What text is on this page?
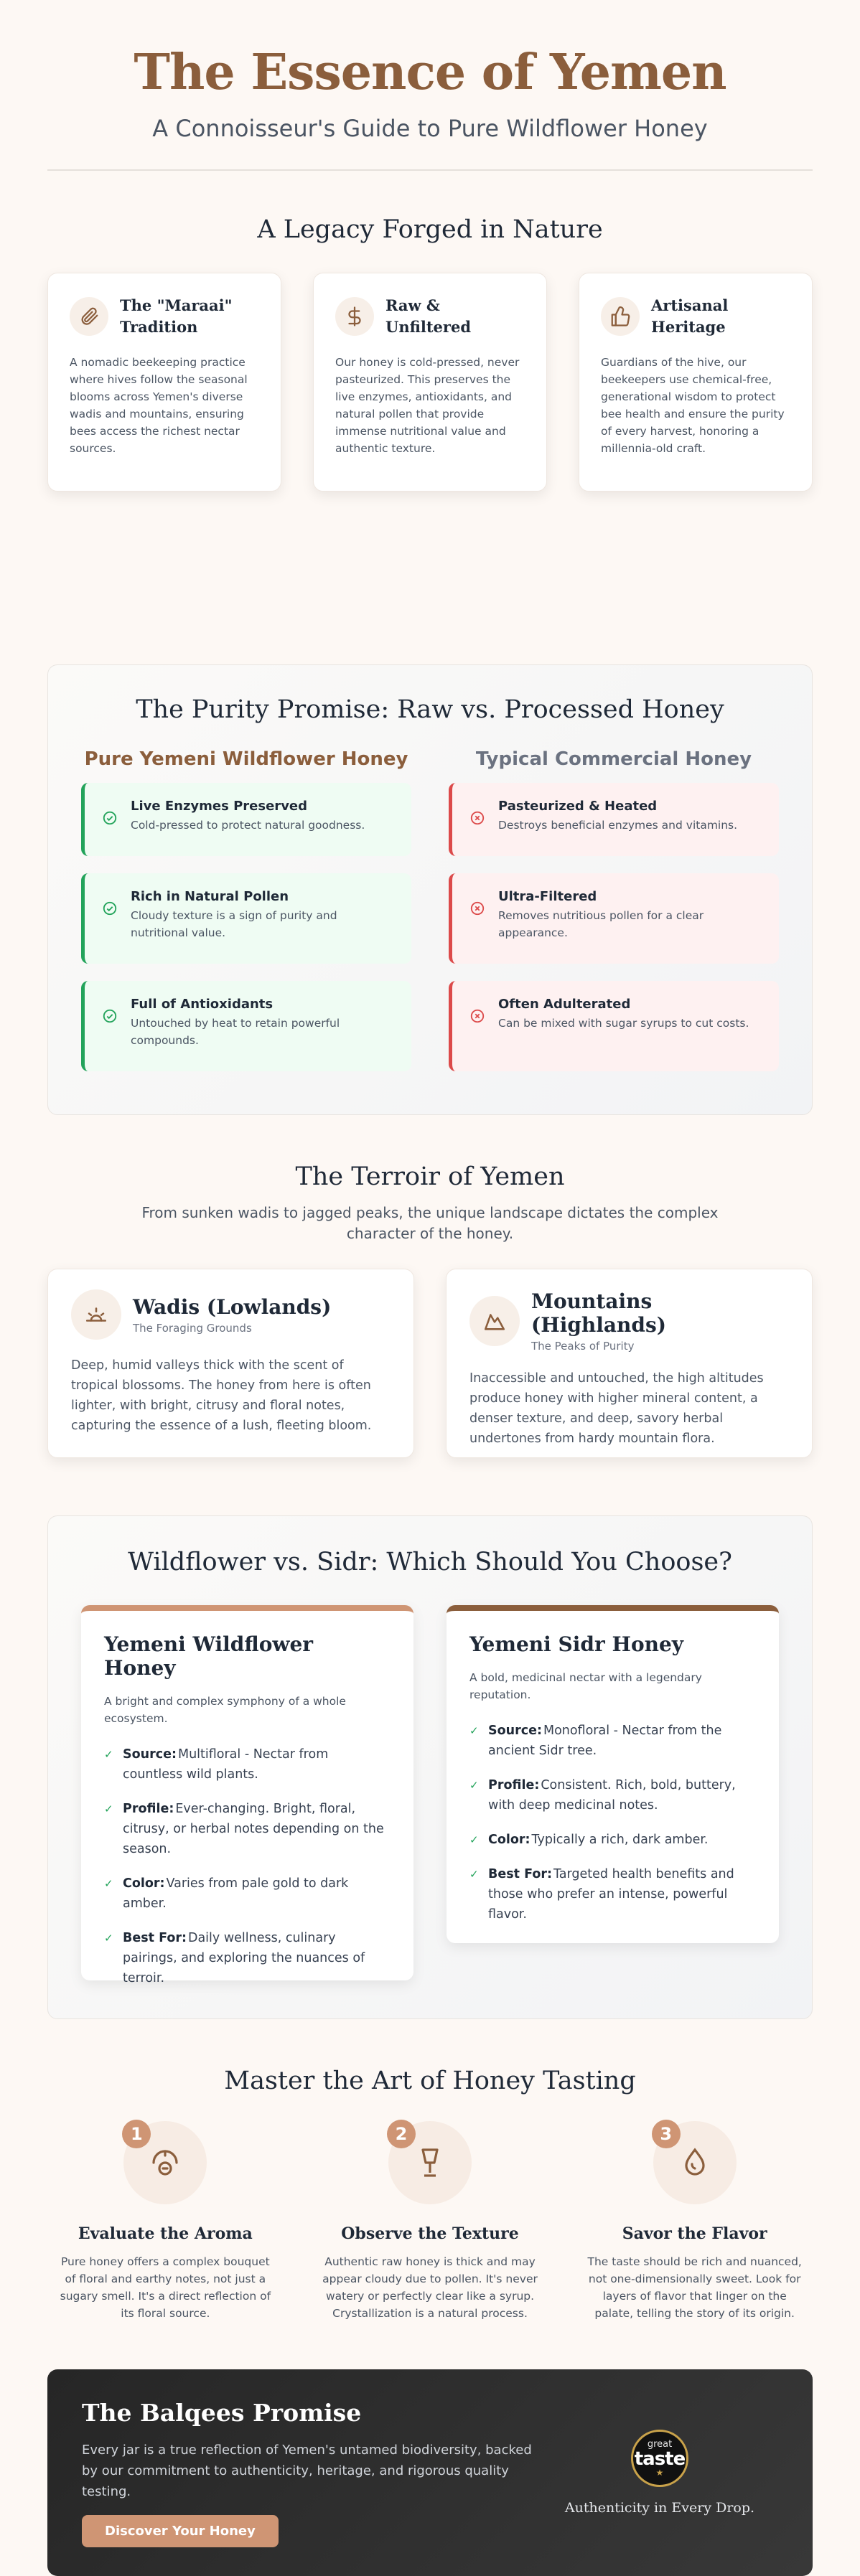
The Essence of Yemen

A Connoisseur's Guide to Pure Wildflower Honey

A Legacy Forged in Nature
The "Maraai" Tradition

A nomadic beekeeping practice where hives follow the seasonal blooms across Yemen's diverse wadis and mountains, ensuring bees access the richest nectar sources.

Raw & Unfiltered

Our honey is cold-pressed, never pasteurized. This preserves the live enzymes, antioxidants, and natural pollen that provide immense nutritional value and authentic texture.

Artisanal Heritage

Guardians of the hive, our beekeepers use chemical-free, generational wisdom to protect bee health and ensure the purity of every harvest, honoring a millennia-old craft.

The Purity Promise: Raw vs. Processed Honey
Pure Yemeni Wildflower Honey
Live Enzymes Preserved
Cold-pressed to protect natural goodness.
Rich in Natural Pollen
Cloudy texture is a sign of purity and nutritional value.
Full of Antioxidants
Untouched by heat to retain powerful compounds.
Typical Commercial Honey
Pasteurized & Heated
Destroys beneficial enzymes and vitamins.
Ultra-Filtered
Removes nutritious pollen for a clear appearance.
Often Adulterated
Can be mixed with sugar syrups to cut costs.
The Terroir of Yemen

From sunken wadis to jagged peaks, the unique landscape dictates the complex character of the honey.

Wadis (Lowlands)
The Foraging Grounds

Deep, humid valleys thick with the scent of tropical blossoms. The honey from here is often lighter, with bright, citrusy and floral notes, capturing the essence of a lush, fleeting bloom.

Mountains (Highlands)
The Peaks of Purity

Inaccessible and untouched, the high altitudes produce honey with higher mineral content, a denser texture, and deep, savory herbal undertones from hardy mountain flora.

Wildflower vs. Sidr: Which Should You Choose?
Yemeni Wildflower Honey
A bright and complex symphony of a whole ecosystem.
✓ Source: Multifloral - Nectar from countless wild plants.
✓ Profile: Ever-changing. Bright, floral, citrusy, or herbal notes depending on the season.
✓ Color: Varies from pale gold to dark amber.
✓ Best For: Daily wellness, culinary pairings, and exploring the nuances of terroir.
Yemeni Sidr Honey
A bold, medicinal nectar with a legendary reputation.
✓ Source: Monofloral - Nectar from the ancient Sidr tree.
✓ Profile: Consistent. Rich, bold, buttery, with deep medicinal notes.
✓ Color: Typically a rich, dark amber.
✓ Best For: Targeted health benefits and those who prefer an intense, powerful flavor.
Master the Art of Honey Tasting
1
Evaluate the Aroma

Pure honey offers a complex bouquet of floral and earthy notes, not just a sugary smell. It's a direct reflection of its floral source.

2
Observe the Texture

Authentic raw honey is thick and may appear cloudy due to pollen. It's never watery or perfectly clear like a syrup. Crystallization is a natural process.

3
Savor the Flavor

The taste should be rich and nuanced, not one-dimensionally sweet. Look for layers of flavor that linger on the palate, telling the story of its origin.

The Balqees Promise

Every jar is a true reflection of Yemen's untamed biodiversity, backed by our commitment to authenticity, heritage, and rigorous quality testing.

Discover Your Honey
great
taste
★
Authenticity in Every Drop.
